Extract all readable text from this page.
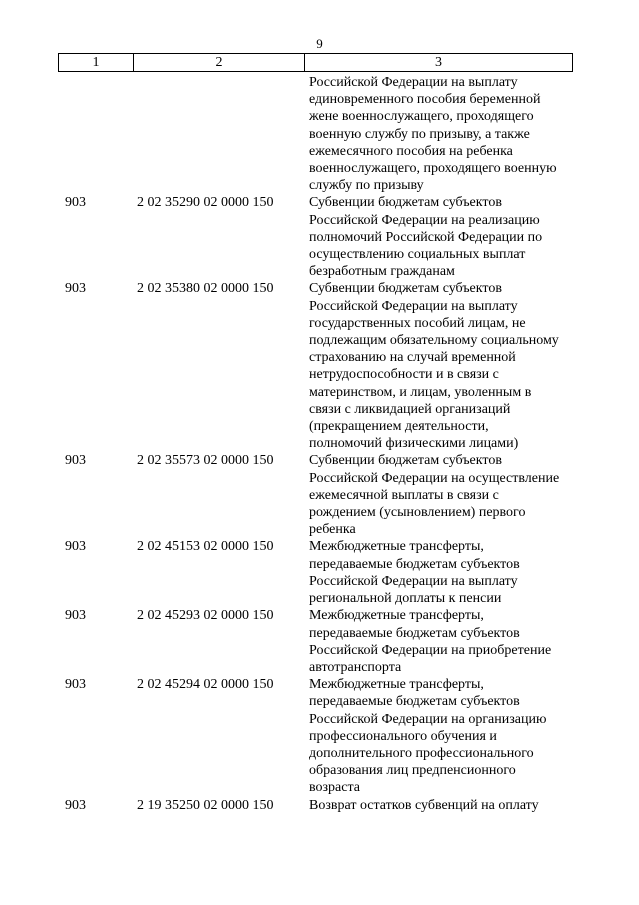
9
1	2	3
Российской Федерации на выплату
единовременного пособия беременной
жене военнослужащего, проходящего
военную службу по призыву, а также
ежемесячного пособия на ребенка
военнослужащего, проходящего военную
службу по призыву
903	2 02 35290 02 0000 150	Субвенции бюджетам субъектов
Российской Федерации на реализацию
полномочий Российской Федерации по
осуществлению социальных выплат
безработным гражданам
903	2 02 35380 02 0000 150	Субвенции бюджетам субъектов
Российской Федерации на выплату
государственных пособий лицам, не
подлежащим обязательному социальному
страхованию на случай временной
нетрудоспособности и в связи с
материнством, и лицам, уволенным в
связи с ликвидацией организаций
(прекращением деятельности,
полномочий физическими лицами)
903	2 02 35573 02 0000 150	Субвенции бюджетам субъектов
Российской Федерации на осуществление
ежемесячной выплаты в связи с
рождением (усыновлением) первого
ребенка
903	2 02 45153 02 0000 150	Межбюджетные трансферты,
передаваемые бюджетам субъектов
Российской Федерации на выплату
региональной доплаты к пенсии
903	2 02 45293 02 0000 150	Межбюджетные трансферты,
передаваемые бюджетам субъектов
Российской Федерации на приобретение
автотранспорта
903	2 02 45294 02 0000 150	Межбюджетные трансферты,
передаваемые бюджетам субъектов
Российской Федерации на организацию
профессионального обучения и
дополнительного профессионального
образования лиц предпенсионного
возраста
903	2 19 35250 02 0000 150	Возврат остатков субвенций на оплату
